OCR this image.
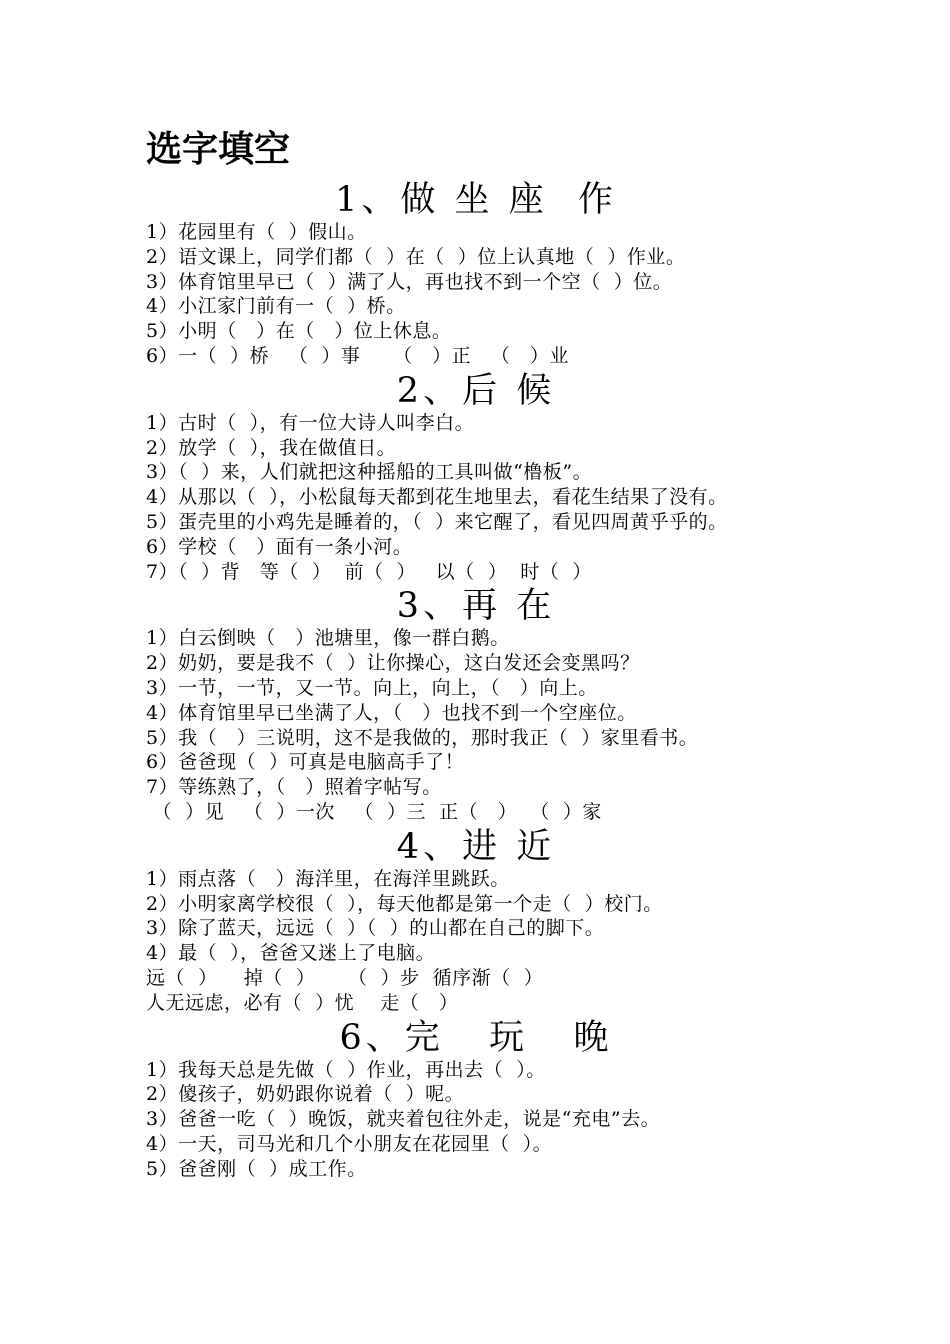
选字填空
1、做 坐 座  作
1）花园里有（  ）假山。
2）语文课上，同学们都（  ）在（  ）位上认真地（  ）作业。
3）体育馆里早已（  ）满了人，再也找不到一个空（  ）位。
4）小江家门前有一（  ）桥。
5）小明（   ）在（   ）位上休息。
6）一（  ）桥   （  ）事     （   ）正   （   ）业
2、后 候
1）古时（  ），有一位大诗人叫李白。
2）放学（  ），我在做值日。
3）（  ）来，人们就把这种摇船的工具叫做“橹板”。
4）从那以（  ），小松鼠每天都到花生地里去，看花生结果了没有。
5）蛋壳里的小鸡先是睡着的，（  ）来它醒了，看见四周黄乎乎的。
6）学校（   ）面有一条小河。
7）（  ）背   等（  ）  前（  ）   以（  ）  时（  ）
3、再 在
1）白云倒映（   ）池塘里，像一群白鹅。
2）奶奶，要是我不（  ）让你操心，这白发还会变黑吗？
3）一节，一节，又一节。向上，向上，（   ）向上。
4）体育馆里早已坐满了人，（   ）也找不到一个空座位。
5）我（   ）三说明，这不是我做的，那时我正（  ）家里看书。
6）爸爸现（  ）可真是电脑高手了！
7）等练熟了，（   ）照着字帖写。
（  ）见   （  ）一次   （  ）三  正（   ）  （  ）家
4、进 近
1）雨点落（   ）海洋里，在海洋里跳跃。
2）小明家离学校很（  ），每天他都是第一个走（  ）校门。
3）除了蓝天，远远（  ）（  ）的山都在自己的脚下。
4）最（  ），爸爸又迷上了电脑。
远（  ）    掉（  ）     （  ）步  循序渐（  ）
人无远虑，必有（  ）忧    走（   ）
6、完   玩   晚
1）我每天总是先做（  ）作业，再出去（  ）。
2）傻孩子，奶奶跟你说着（  ）呢。
3）爸爸一吃（  ）晚饭，就夹着包往外走，说是“充电”去。
4）一天，司马光和几个小朋友在花园里（  ）。
5）爸爸刚（  ）成工作。
